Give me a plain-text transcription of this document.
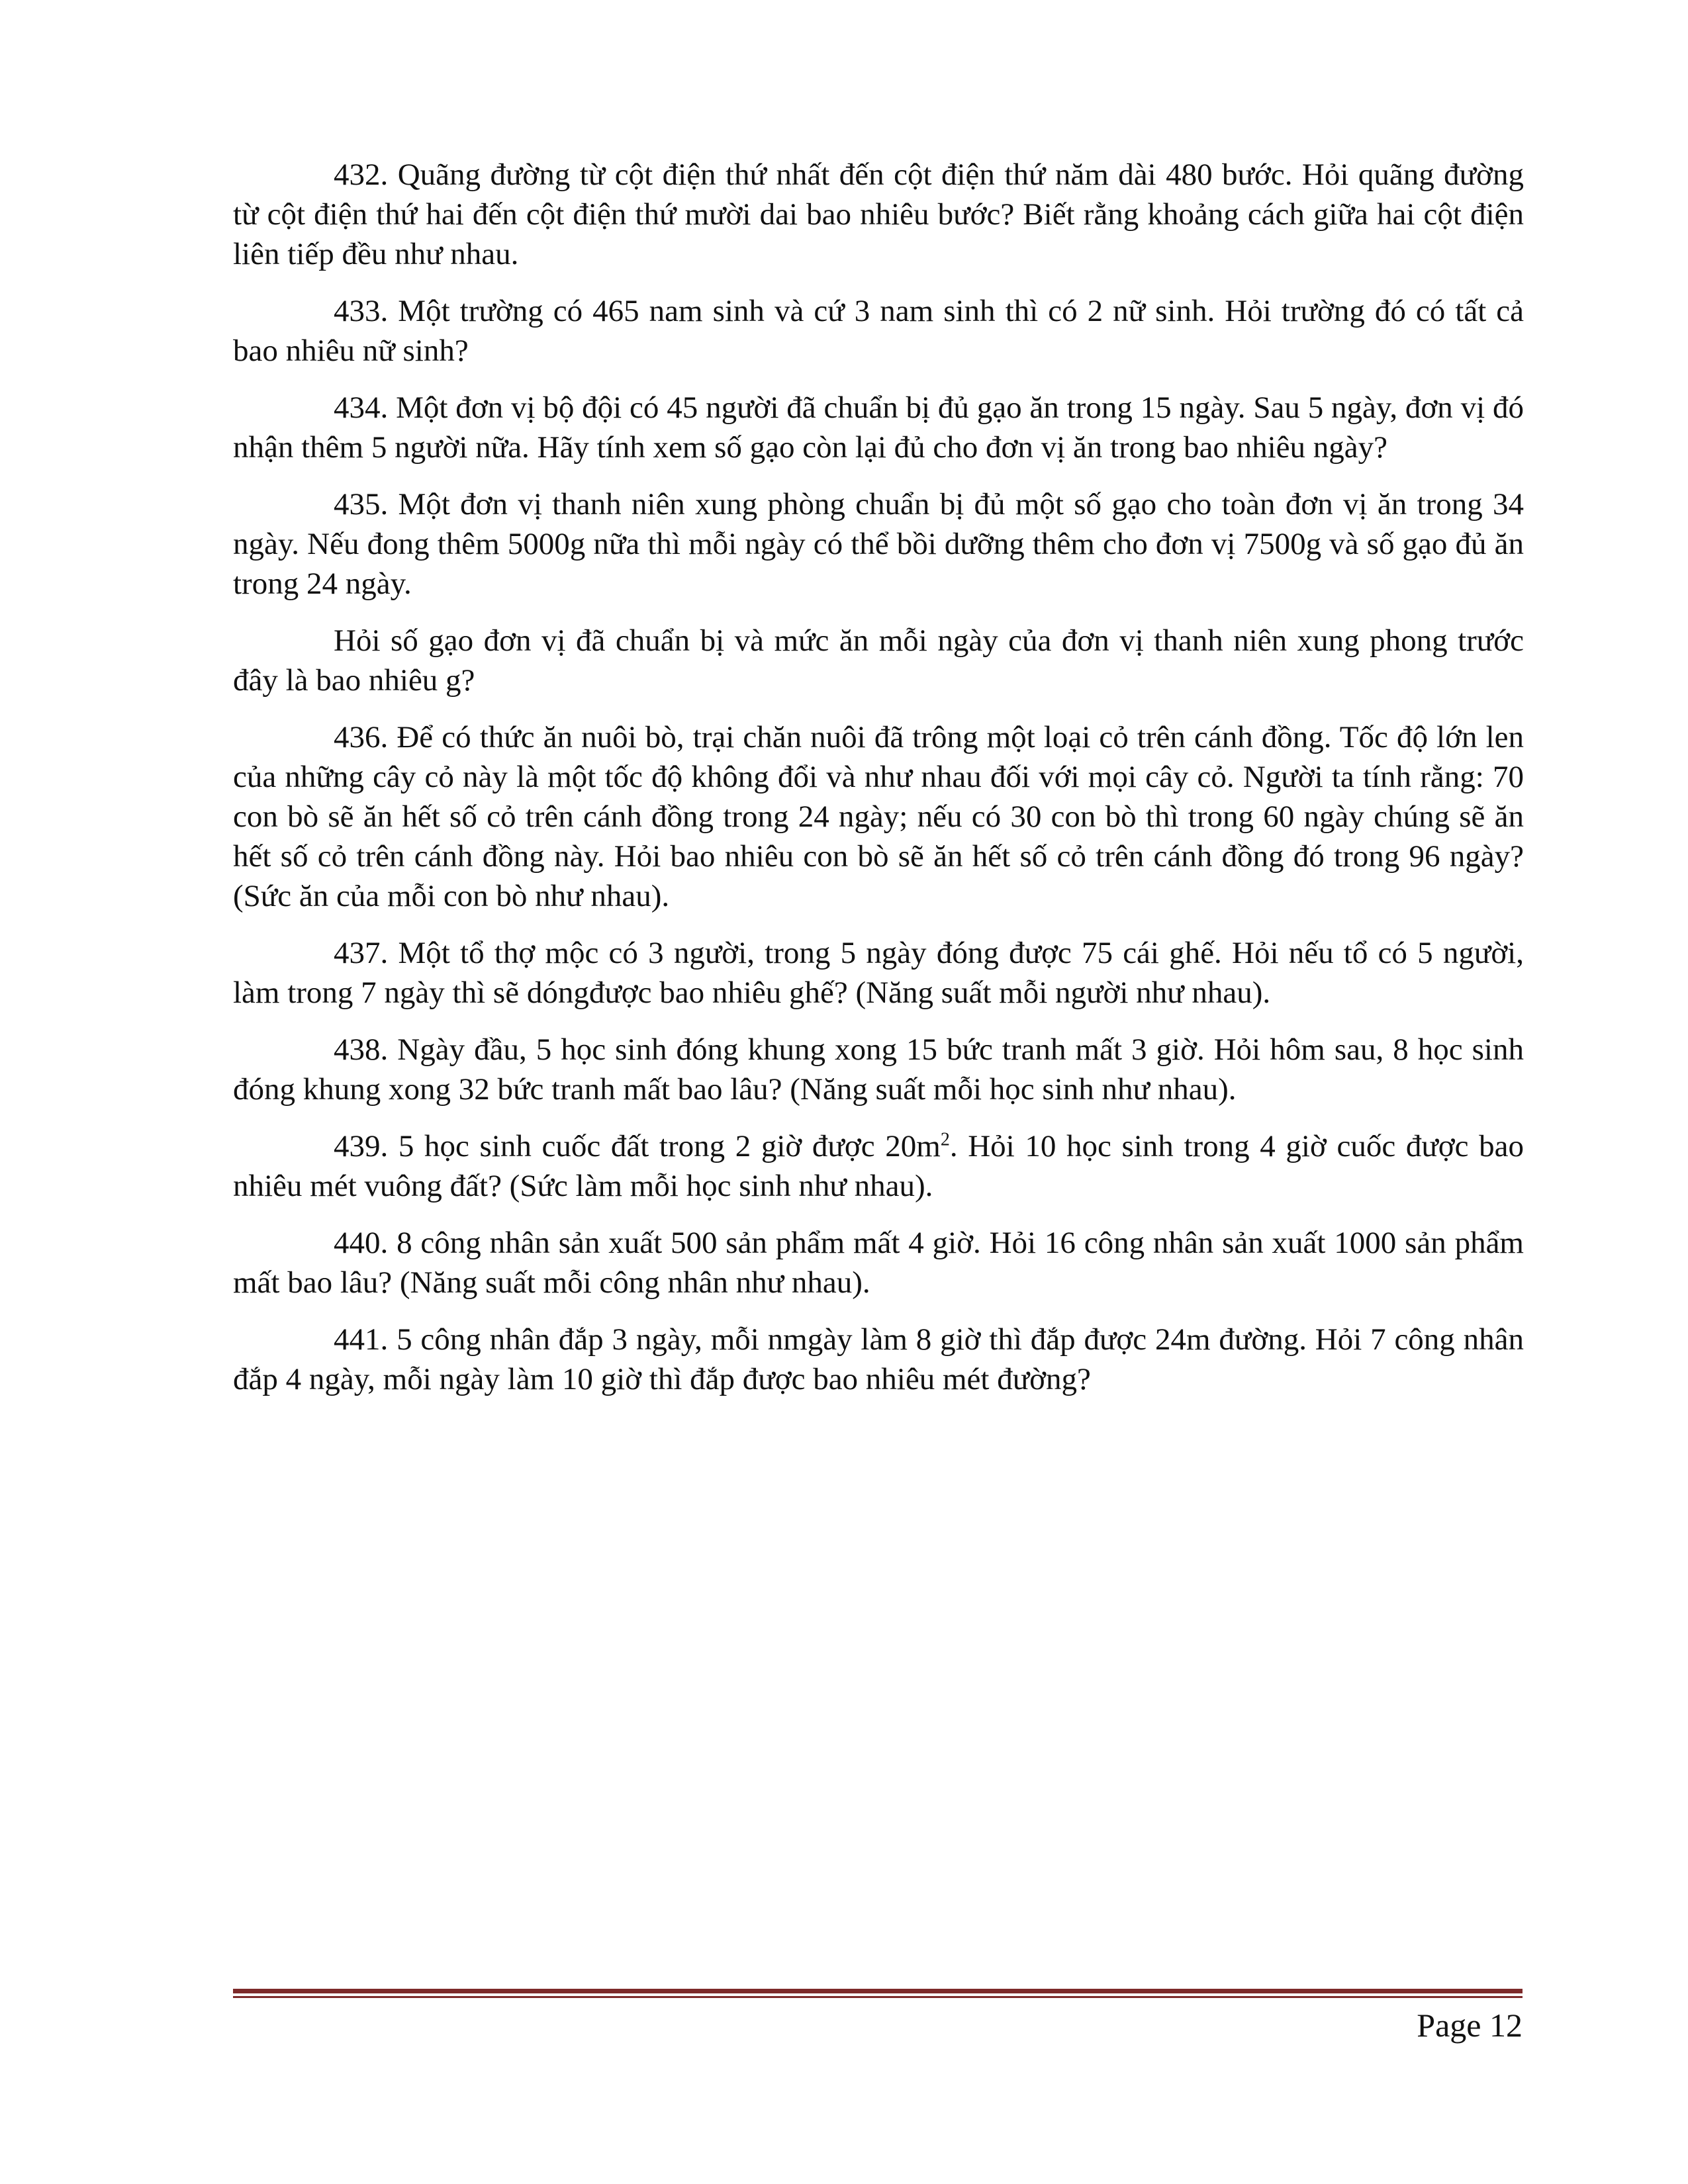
432. Quãng đường từ cột điện thứ nhất đến cột điện thứ năm dài 480 bước. Hỏi quãng đường từ cột điện thứ hai đến cột điện thứ mười dai bao nhiêu bước? Biết rằng khoảng cách giữa hai cột điện liên tiếp đều như nhau.

433. Một trường có 465 nam sinh và cứ 3 nam sinh thì có 2 nữ sinh. Hỏi trường đó có tất cả bao nhiêu nữ sinh?

434. Một đơn vị bộ đội có 45 người đã chuẩn bị đủ gạo ăn trong 15 ngày. Sau 5 ngày, đơn vị đó nhận thêm 5 người nữa. Hãy tính xem số gạo còn lại đủ cho đơn vị ăn trong bao nhiêu ngày?

435. Một đơn vị thanh niên xung phòng chuẩn bị đủ một số gạo cho toàn đơn vị ăn trong 34 ngày. Nếu đong thêm 5000g nữa thì mỗi ngày có thể bồi dưỡng thêm cho đơn vị 7500g và số gạo đủ ăn trong 24 ngày.

Hỏi số gạo đơn vị đã chuẩn bị và mức ăn mỗi ngày của đơn vị thanh niên xung phong trước đây là bao nhiêu g?

436. Để có thức ăn nuôi bò, trại chăn nuôi đã trông một loại cỏ trên cánh đồng. Tốc độ lớn len của những cây cỏ này là một tốc độ không đổi và như nhau đối với mọi cây cỏ. Người ta tính rằng: 70 con bò sẽ ăn hết số cỏ trên cánh đồng trong 24 ngày; nếu có 30 con bò thì trong 60 ngày chúng sẽ ăn hết số cỏ trên cánh đồng này. Hỏi bao nhiêu con bò sẽ ăn hết số cỏ trên cánh đồng đó trong 96 ngày? (Sức ăn của mỗi con bò như nhau).

437. Một tổ thợ mộc có 3 người, trong 5 ngày đóng được 75 cái ghế. Hỏi nếu tổ có 5 người, làm trong 7 ngày thì sẽ dóngđược bao nhiêu ghế? (Năng suất mỗi người như nhau).

438. Ngày đầu, 5 học sinh đóng khung xong 15 bức tranh mất 3 giờ. Hỏi hôm sau, 8 học sinh đóng khung xong 32 bức tranh mất bao lâu? (Năng suất mỗi học sinh như nhau).

439. 5 học sinh cuốc đất trong 2 giờ được $20m^2$. Hỏi 10 học sinh trong 4 giờ cuốc được bao nhiêu mét vuông đất? (Sức làm mỗi học sinh như nhau).

440. 8 công nhân sản xuất 500 sản phẩm mất 4 giờ. Hỏi 16 công nhân sản xuất 1000 sản phẩm mất bao lâu? (Năng suất mỗi công nhân như nhau).

441. 5 công nhân đắp 3 ngày, mỗi nmgày làm 8 giờ thì đắp được 24m đường. Hỏi 7 công nhân đắp 4 ngày, mỗi ngày làm 10 giờ thì đắp được bao nhiêu mét đường?

Page 12
